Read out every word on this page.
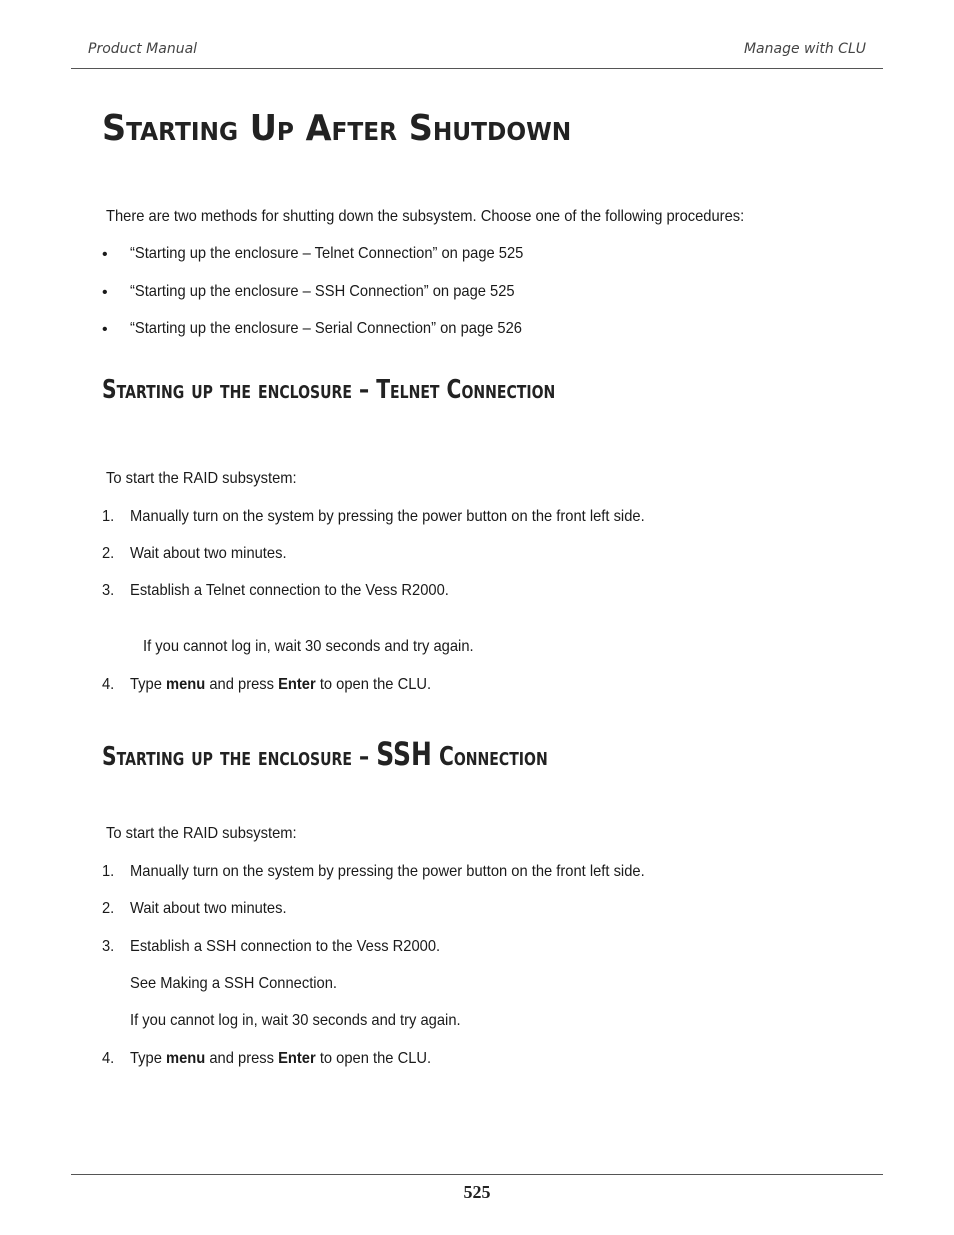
Product Manual	Manage with CLU
Starting Up After Shutdown
There are two methods for shutting down the subsystem. Choose one of the following procedures:
• “Starting up the enclosure – Telnet Connection” on page 525
• “Starting up the enclosure – SSH Connection” on page 525
• “Starting up the enclosure – Serial Connection” on page 526
Starting up the enclosure – Telnet Connection
To start the RAID subsystem:
1. Manually turn on the system by pressing the power button on the front left side.
2. Wait about two minutes.
3. Establish a Telnet connection to the Vess R2000.
If you cannot log in, wait 30 seconds and try again.
4. Type menu and press Enter to open the CLU.
Starting up the enclosure – SSH Connection
To start the RAID subsystem:
1. Manually turn on the system by pressing the power button on the front left side.
2. Wait about two minutes.
3. Establish a SSH connection to the Vess R2000.
See Making a SSH Connection.
If you cannot log in, wait 30 seconds and try again.
4. Type menu and press Enter to open the CLU.
525
